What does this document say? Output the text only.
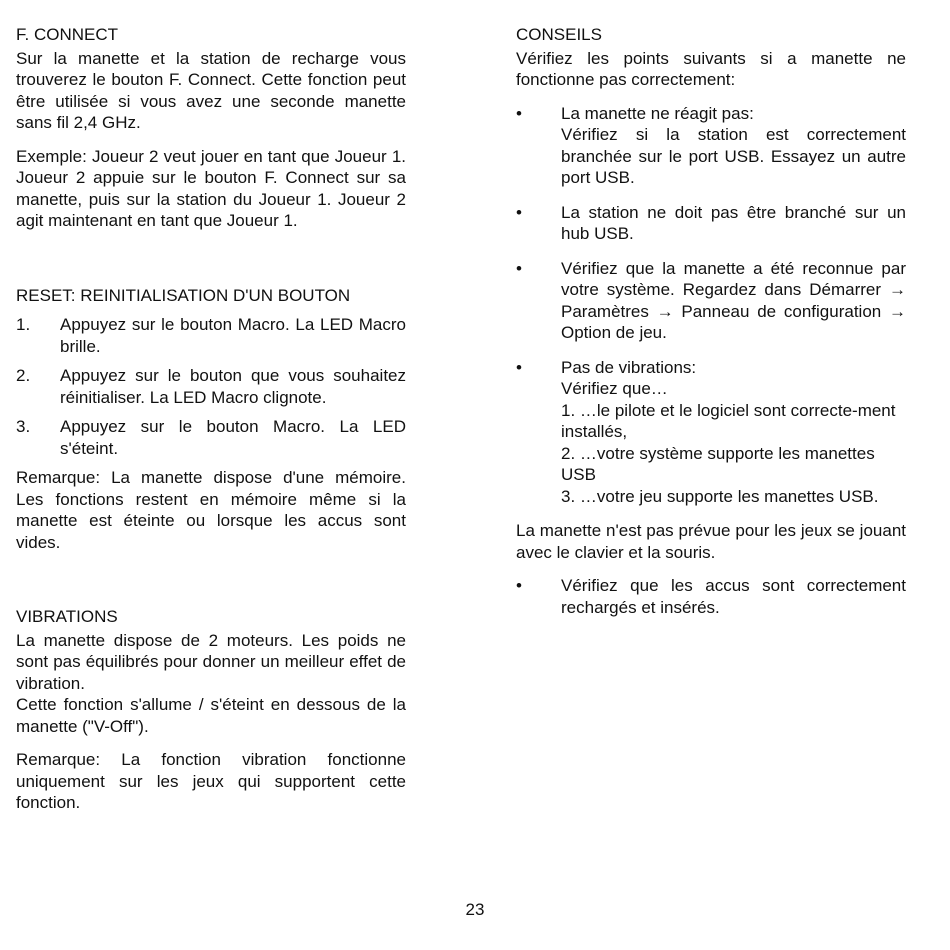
F. CONNECT

Sur la manette et la station de recharge vous trouverez le bouton F. Connect. Cette fonction peut être utilisée si vous avez une seconde manette sans fil 2,4 GHz.

Exemple: Joueur 2 veut jouer en tant que Joueur 1. Joueur 2 appuie sur le bouton F. Connect sur sa manette, puis sur la station du Joueur 1. Joueur 2 agit maintenant en tant que Joueur 1.

RESET: REINITIALISATION D'UN BOUTON
1.	Appuyez sur le bouton Macro. La LED Macro brille.
2.	Appuyez sur le bouton que vous souhaitez réinitialiser. La LED Macro clignote.
3.	Appuyez sur le bouton Macro. La LED s'éteint.

Remarque: La manette dispose d'une mémoire. Les fonctions restent en mémoire même si la manette est éteinte ou lorsque les accus sont vides.

VIBRATIONS

La manette dispose de 2 moteurs. Les poids ne sont pas équilibrés pour donner un meilleur effet de vibration.

Cette fonction s'allume / s'éteint en dessous de la manette ("V-Off").

Remarque: La fonction vibration fonctionne uniquement sur les jeux qui supportent cette fonction.

CONSEILS

Vérifiez les points suivants si a manette ne fonctionne pas correctement:

•	La manette ne réagit pas:
Vérifiez si la station est correctement branchée sur le port USB. Essayez un autre port USB.
•	La station ne doit pas être branché sur un hub USB.
•	Vérifiez que la manette a été reconnue par votre système. Regardez dans Démarrer → Paramètres → Panneau de configuration → Option de jeu.
•	Pas de vibrations:
Vérifiez que…
1. …le pilote et le logiciel sont correcte-ment installés,
2. …votre système supporte les manettes USB
3. …votre jeu supporte les manettes USB.

La manette n'est pas prévue pour les jeux se jouant avec le clavier et la souris.

•	Vérifiez que les accus sont correctement rechargés et insérés.
23
